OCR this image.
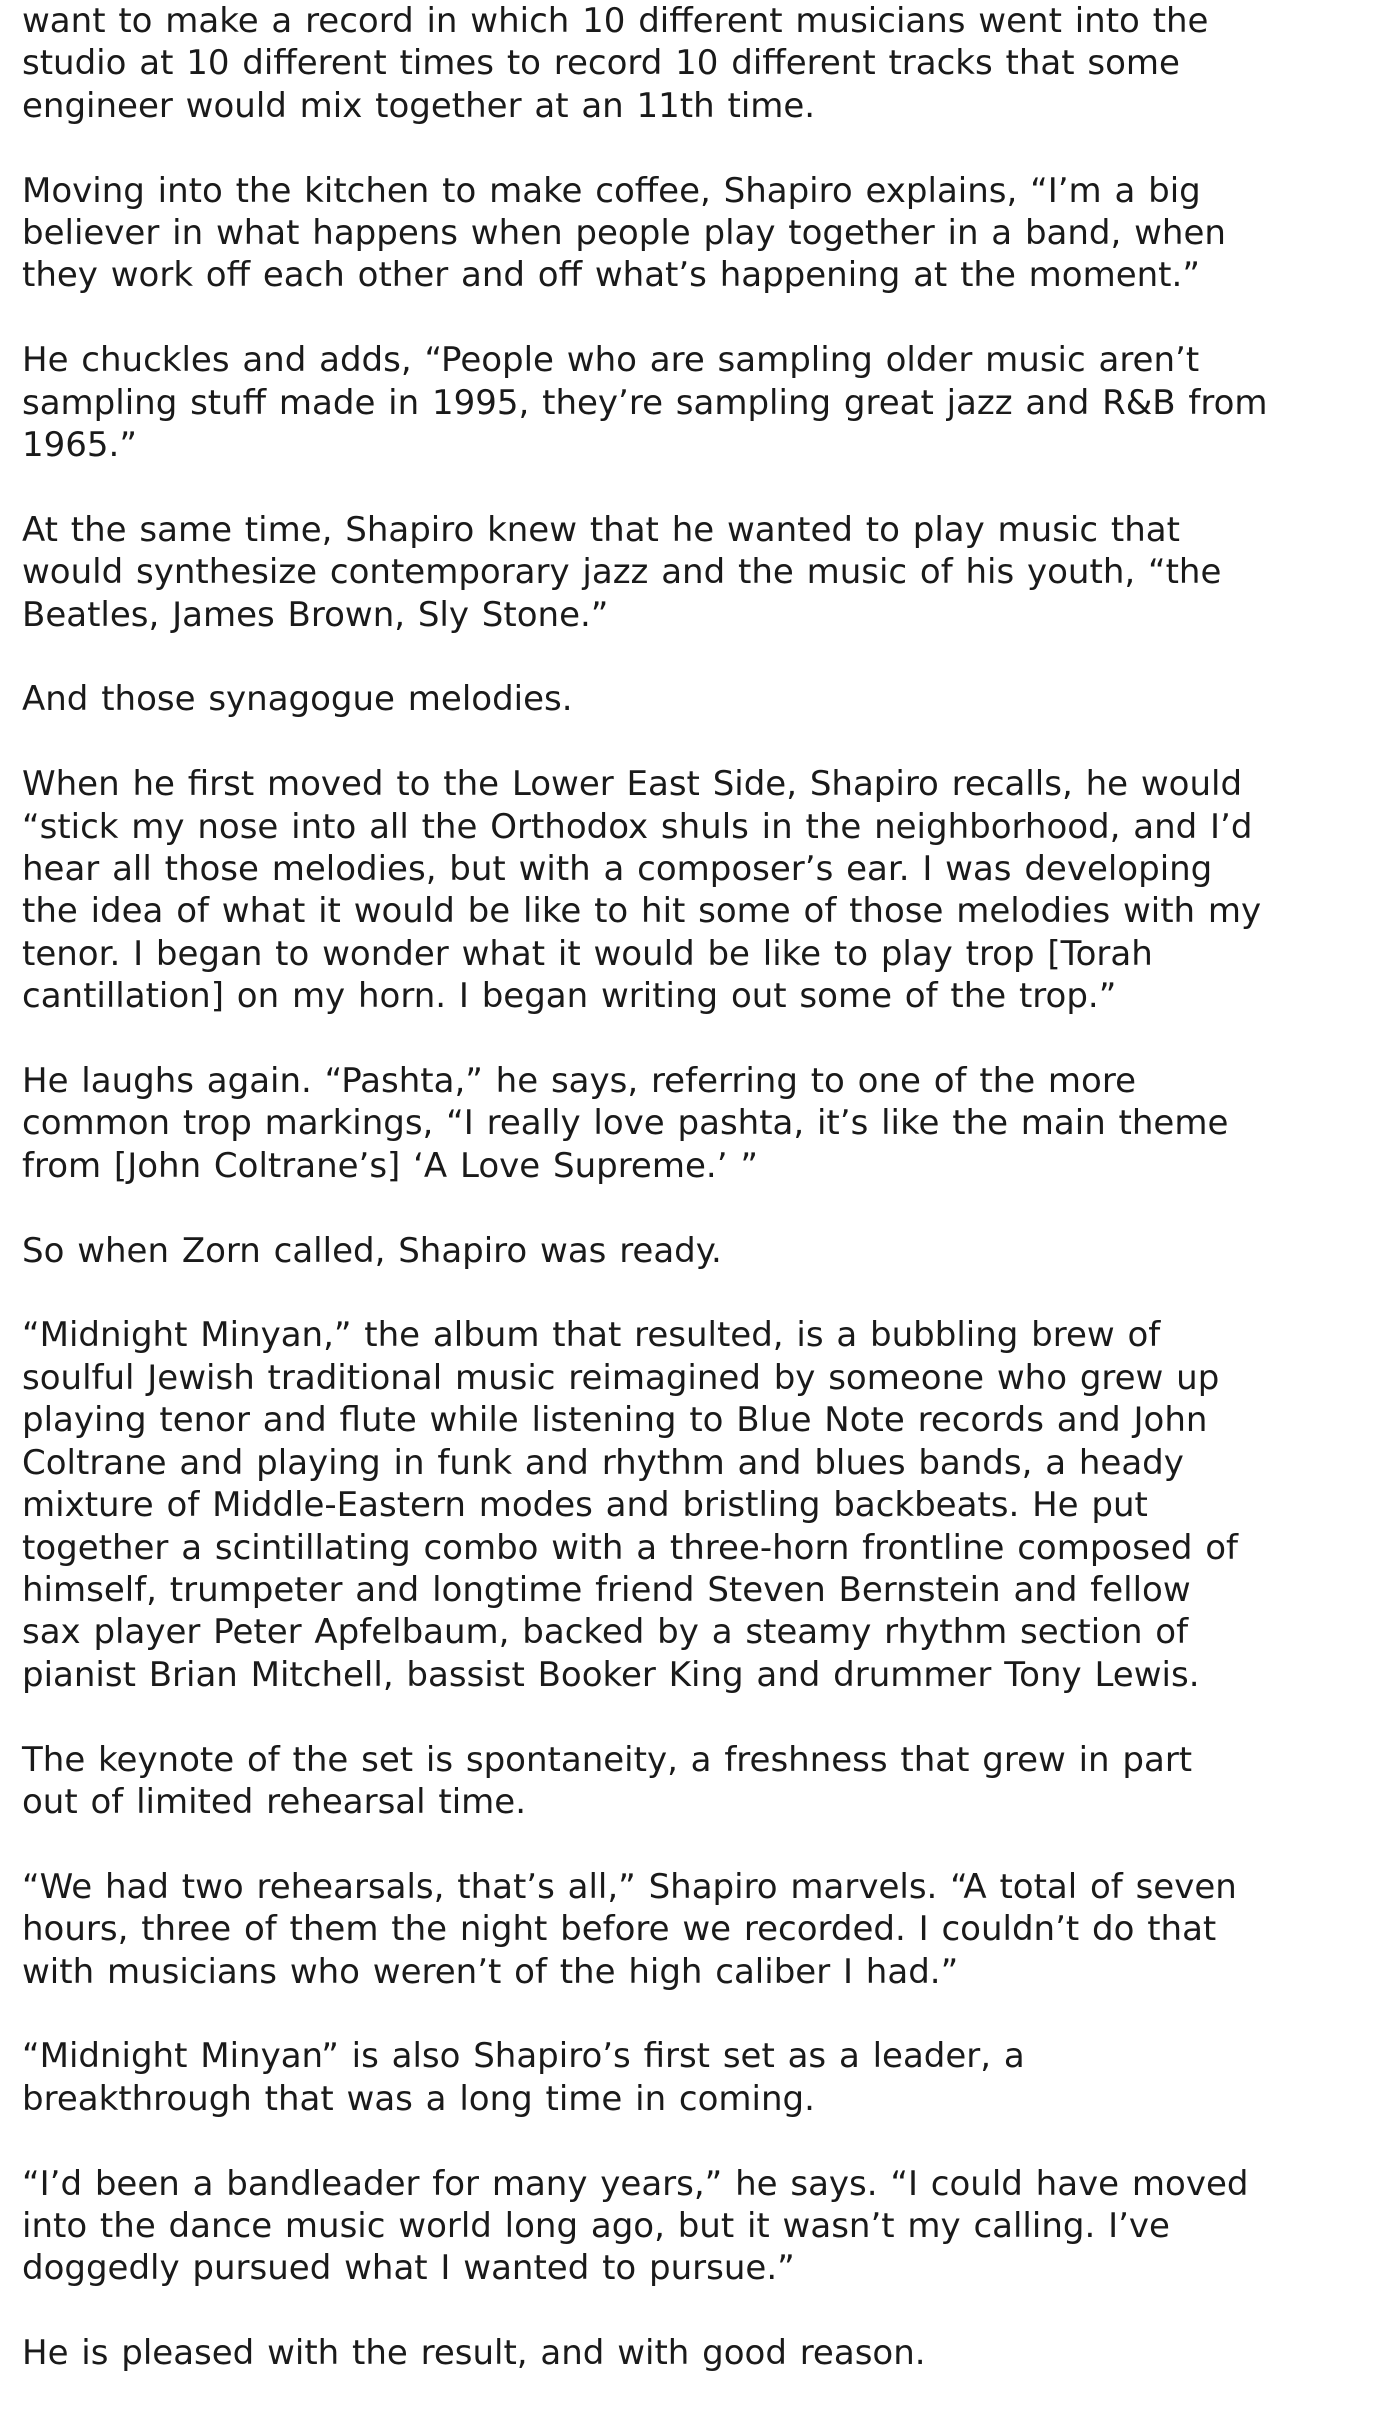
want to make a record in which 10 different musicians went into the
studio at 10 different times to record 10 different tracks that some
engineer would mix together at an 11th time.

Moving into the kitchen to make coffee, Shapiro explains, “I’m a big
believer in what happens when people play together in a band, when
they work off each other and off what’s happening at the moment.”

He chuckles and adds, “People who are sampling older music aren’t
sampling stuff made in 1995, they’re sampling great jazz and R&B from
1965.”

At the same time, Shapiro knew that he wanted to play music that
would synthesize contemporary jazz and the music of his youth, “the
Beatles, James Brown, Sly Stone.”

And those synagogue melodies.

When he first moved to the Lower East Side, Shapiro recalls, he would
“stick my nose into all the Orthodox shuls in the neighborhood, and I’d
hear all those melodies, but with a composer’s ear. I was developing
the idea of what it would be like to hit some of those melodies with my
tenor. I began to wonder what it would be like to play trop [Torah
cantillation] on my horn. I began writing out some of the trop.”

He laughs again. “Pashta,” he says, referring to one of the more
common trop markings, “I really love pashta, it’s like the main theme
from [John Coltrane’s] ‘A Love Supreme.’ ”

So when Zorn called, Shapiro was ready.

“Midnight Minyan,” the album that resulted, is a bubbling brew of
soulful Jewish traditional music reimagined by someone who grew up
playing tenor and flute while listening to Blue Note records and John
Coltrane and playing in funk and rhythm and blues bands, a heady
mixture of Middle-Eastern modes and bristling backbeats. He put
together a scintillating combo with a three-horn frontline composed of
himself, trumpeter and longtime friend Steven Bernstein and fellow
sax player Peter Apfelbaum, backed by a steamy rhythm section of
pianist Brian Mitchell, bassist Booker King and drummer Tony Lewis.

The keynote of the set is spontaneity, a freshness that grew in part
out of limited rehearsal time.

“We had two rehearsals, that’s all,” Shapiro marvels. “A total of seven
hours, three of them the night before we recorded. I couldn’t do that
with musicians who weren’t of the high caliber I had.”

“Midnight Minyan” is also Shapiro’s first set as a leader, a
breakthrough that was a long time in coming.

“I’d been a bandleader for many years,” he says. “I could have moved
into the dance music world long ago, but it wasn’t my calling. I’ve
doggedly pursued what I wanted to pursue.”

He is pleased with the result, and with good reason.
